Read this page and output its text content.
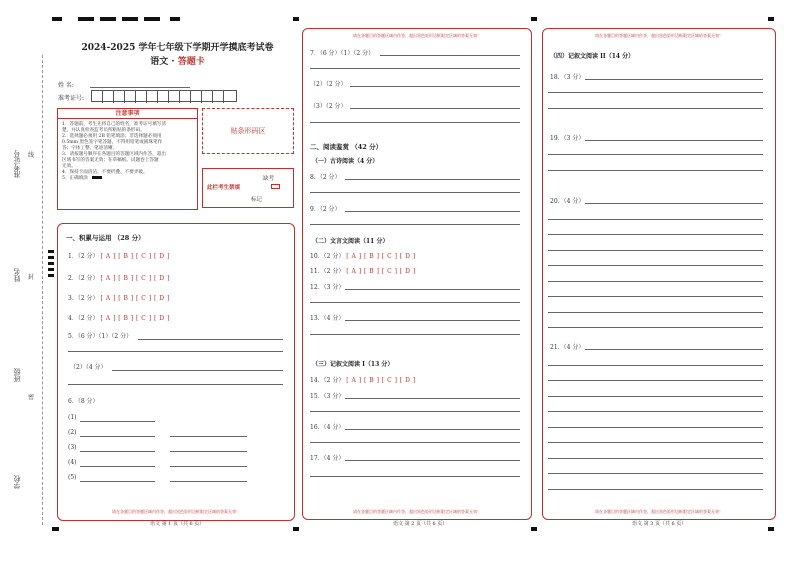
准考证号 线
姓名 封
班级
密
学校
2024-2025 学年七年级下学期开学摸底考试卷
语文 · 答题卡
姓 名:
准考证号:
注意事项
1．答题前，考生先将自己的姓名，准考证号填写清
楚，并认真检查监考员所粘贴的条形码。
2．选择题必须用 2B 铅笔填涂；非选择题必须用
0.5mm 黑色签字笔答题，不得用铅笔或圆珠笔作
答；字体工整、笔迹清晰。
3．请按题号顺序在各题目的答题区域内作答，超出
区域书写的答案无效；在草稿纸、试题卷上答题
无效。
4．保持卡面清洁，不要折叠、不要弄破。
5．正确填涂
贴条形码区
此栏考生禁填
缺考
标记
一、积累与运用 （28 分）
1．（2 分） [ A ] [ B ] [ C ] [ D ]
2．（2 分） [ A ] [ B ] [ C ] [ D ]
3．（2 分） [ A ] [ B ] [ C ] [ D ]
4．（2 分） [ A ] [ B ] [ C ] [ D ]
5．（6 分）（1）（2 分）
（2）（4 分）
6．（8 分）
(1)
(2)
(3)
(4)
(5)
请在各题目的答题区域内作答，超出黑色矩形边框限定区域的答案无效！
语文 第 1 页（共 6 页）
请在各题目的答题区域内作答，超出黑色矩形边框限定区域的答案无效！
7．（6 分）（1）（2 分）
（2）（2 分）
（3）（2 分）
二、阅读鉴赏 （42 分）
（一）古诗阅读（4 分）
8．（2 分）
9．（2 分）
（二）文言文阅读（11 分）
10．（2 分） [ A ] [ B ] [ C ] [ D ]
11．（2 分） [ A ] [ B ] [ C ] [ D ]
12．（3 分）
13．（4 分）
（三）记叙文阅读 I（13 分）
14．（2 分） [ A ] [ B ] [ C ] [ D ]
15．（3 分）
16．（4 分）
17．（4 分）
请在各题目的答题区域内作答，超出黑色矩形边框限定区域的答案无效！
语文 第 2 页（共 6 页）
请在各题目的答题区域内作答，超出黑色矩形边框限定区域的答案无效！
（四）记叙文阅读 II（14 分）
18．（3 分）
19．（3 分）
20．（4 分）
21．（4 分）
请在各题目的答题区域内作答，超出黑色矩形边框限定区域的答案无效！
语文 第 3 页（共 6 页）
